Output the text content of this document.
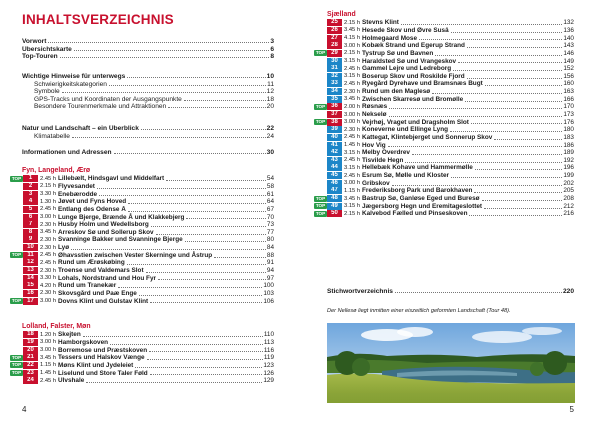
INHALTSVERZEICHNIS
Vorwort	3
Übersichtskarte	6
Top-Touren	8
Wichtige Hinweise für unterwegs	10
Schwierigkeitskategorien	11
Symbole	12
GPS-Tracks und Koordinaten der Ausgangspunkte	18
Besondere Tourenmerkmale und Attraktionen	20
Natur und Landschaft – ein Überblick	22
Klimatabelle	24
Informationen und Adressen	30
Fyn, Langeland, Ærø
TOP	1	2.45 h Lillebælt, Hindsgavl und Middelfart	54
2	2.15 h Flyvesandet	58
3	3.30 h Enebærodde	61
4	1.30 h Jøvet und Fyns Hoved	64
5	2.45 h Entlang des Odense Å	67
6	3.00 h Lunge Bjerge, Brænde Å und Klakkebjerg	70
7	2.30 h Husby Holm und Wedellsborg	73
8	3.45 h Arreskov Sø und Sollerup Skov	77
9	2.30 h Svanninge Bakker und Svanninge Bjerge	80
10	2.30 h Lyø	84
TOP	11	2.45 h Øhavsstien zwischen Vester Skerninge und Åstrup	88
12	2.45 h Rund um Ærøskøbing	91
13	2.30 h Troense und Valdemars Slot	94
14	3.30 h Lohals, Nordstrand und Hou Fyr	97
15	4.20 h Rund um Tranekær	100
16	2.30 h Skovsgård und Paæ Enge	103
TOP 17	3.00 h Dovns Klint und Gulstav Klint	106
Lolland, Falster, Møn
18	1.20 h Skejten	110
19	3.00 h Hamborgskoven	113
20	3.00 h Borremose und Præstskoven	116
TOP 21	3.45 h Tessers und Halskov Vænge	119
TOP 22	1.15 h Møns Klint und Jydeleiet	123
TOP 23	1.45 h Liselund und Store Taler Føld	126
24	2.45 h Ulvshale	129
4
Sjælland
25	2.15 h Stevns Klint	132
26	3.45 h Hesede Skov und Øvre Susâ	136
27	4.15 h Holmegaard Mose	140
28	3.00 h Kobæk Strand und Egerup Strand	143
TOP 29	2.15 h Tystrup Sø und Bavnen	146
30	3.15 h Haraldsted Sø und Vrangeskov	149
31	2.45 h Gammel Lejre und Ledreborg	152
32	3.15 h Boserup Skov und Roskilde Fjord	156
33	2.45 h Ryegård Dyrehave und Bramsnæs Bugt	160
34	2.30 h Rund um den Maglesø	163
35	3.45 h Zwischen Skarresø und Bromølle	166
TOP 36	2.00 h Røsnæs	170
37	3.00 h Nekselø	173
TOP 38	3.00 h Vejrhøj, Vraget und Dragsholm Slot	176
39	2.30 h Koneverne und Ellinge Lyng	180
40	2.45 h Kattegat, Klintebjerget und Sonnerup Skov	183
41	1.45 h Hov Vig	186
42	3.15 h Melby Overdrev	189
43	2.45 h Tisvilde Hegn	192
44	3.15 h Hellebæk Kohave und Hammermølle	196
45	2.45 h Esrum Sø, Mølle und Kloster	199
46	3.00 h Gribskov	202
47	1.15 h Frederiksborg Park und Barokhaven	205
TOP 48	3.45 h Bastrup Sø, Ganløse Eged und Buresø	208
TOP 49	3.15 h Jægersborg Hegn und Eremitageslottet	212
TOP 50	2.15 h Kalvebod Fælled und Pinseskoven	216
Stichwortverzeichnis	220
5
Der Nellesø liegt inmitten einer eiszeitlich geformten Landschaft (Tour 48).
